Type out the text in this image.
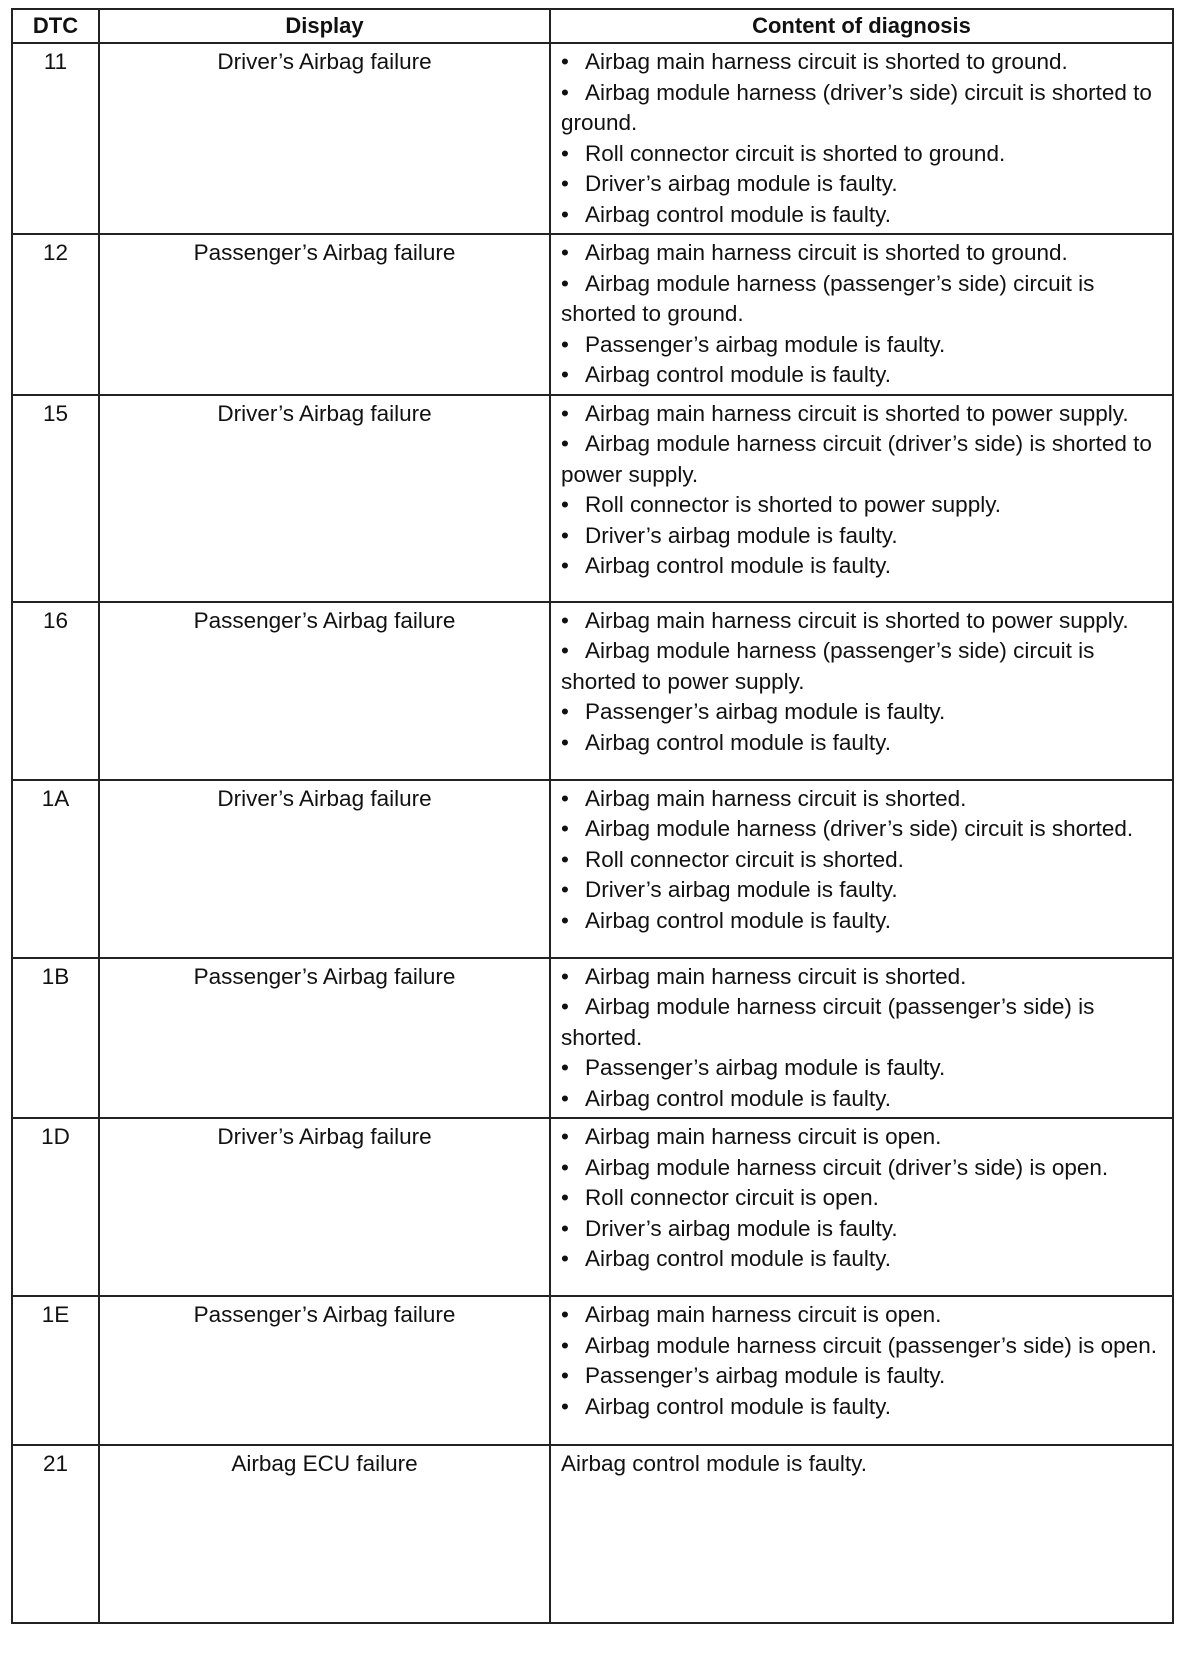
DTC	Display	Content of diagnosis
11	Driver’s Airbag failure	• Airbag main harness circuit is shorted to ground.
• Airbag module harness (driver’s side) circuit is shorted to ground.
• Roll connector circuit is shorted to ground.
• Driver’s airbag module is faulty.
• Airbag control module is faulty.

12	Passenger’s Airbag failure	• Airbag main harness circuit is shorted to ground.
• Airbag module harness (passenger’s side) circuit is shorted to ground.
• Passenger’s airbag module is faulty.
• Airbag control module is faulty.

15	Driver’s Airbag failure	• Airbag main harness circuit is shorted to power supply.
• Airbag module harness circuit (driver’s side) is shorted to power supply.
• Roll connector is shorted to power supply.
• Driver’s airbag module is faulty.
• Airbag control module is faulty.

16	Passenger’s Airbag failure	• Airbag main harness circuit is shorted to power supply.
• Airbag module harness (passenger’s side) circuit is shorted to power supply.
• Passenger’s airbag module is faulty.
• Airbag control module is faulty.

1A	Driver’s Airbag failure	• Airbag main harness circuit is shorted.
• Airbag module harness (driver’s side) circuit is shorted.
• Roll connector circuit is shorted.
• Driver’s airbag module is faulty.
• Airbag control module is faulty.

1B	Passenger’s Airbag failure	• Airbag main harness circuit is shorted.
• Airbag module harness circuit (passenger’s side) is shorted.
• Passenger’s airbag module is faulty.
• Airbag control module is faulty.

1D	Driver’s Airbag failure	• Airbag main harness circuit is open.
• Airbag module harness circuit (driver’s side) is open.
• Roll connector circuit is open.
• Driver’s airbag module is faulty.
• Airbag control module is faulty.

1E	Passenger’s Airbag failure	• Airbag main harness circuit is open.
• Airbag module harness circuit (passenger’s side) is open.
• Passenger’s airbag module is faulty.
• Airbag control module is faulty.

21	Airbag ECU failure	Airbag control module is faulty.
